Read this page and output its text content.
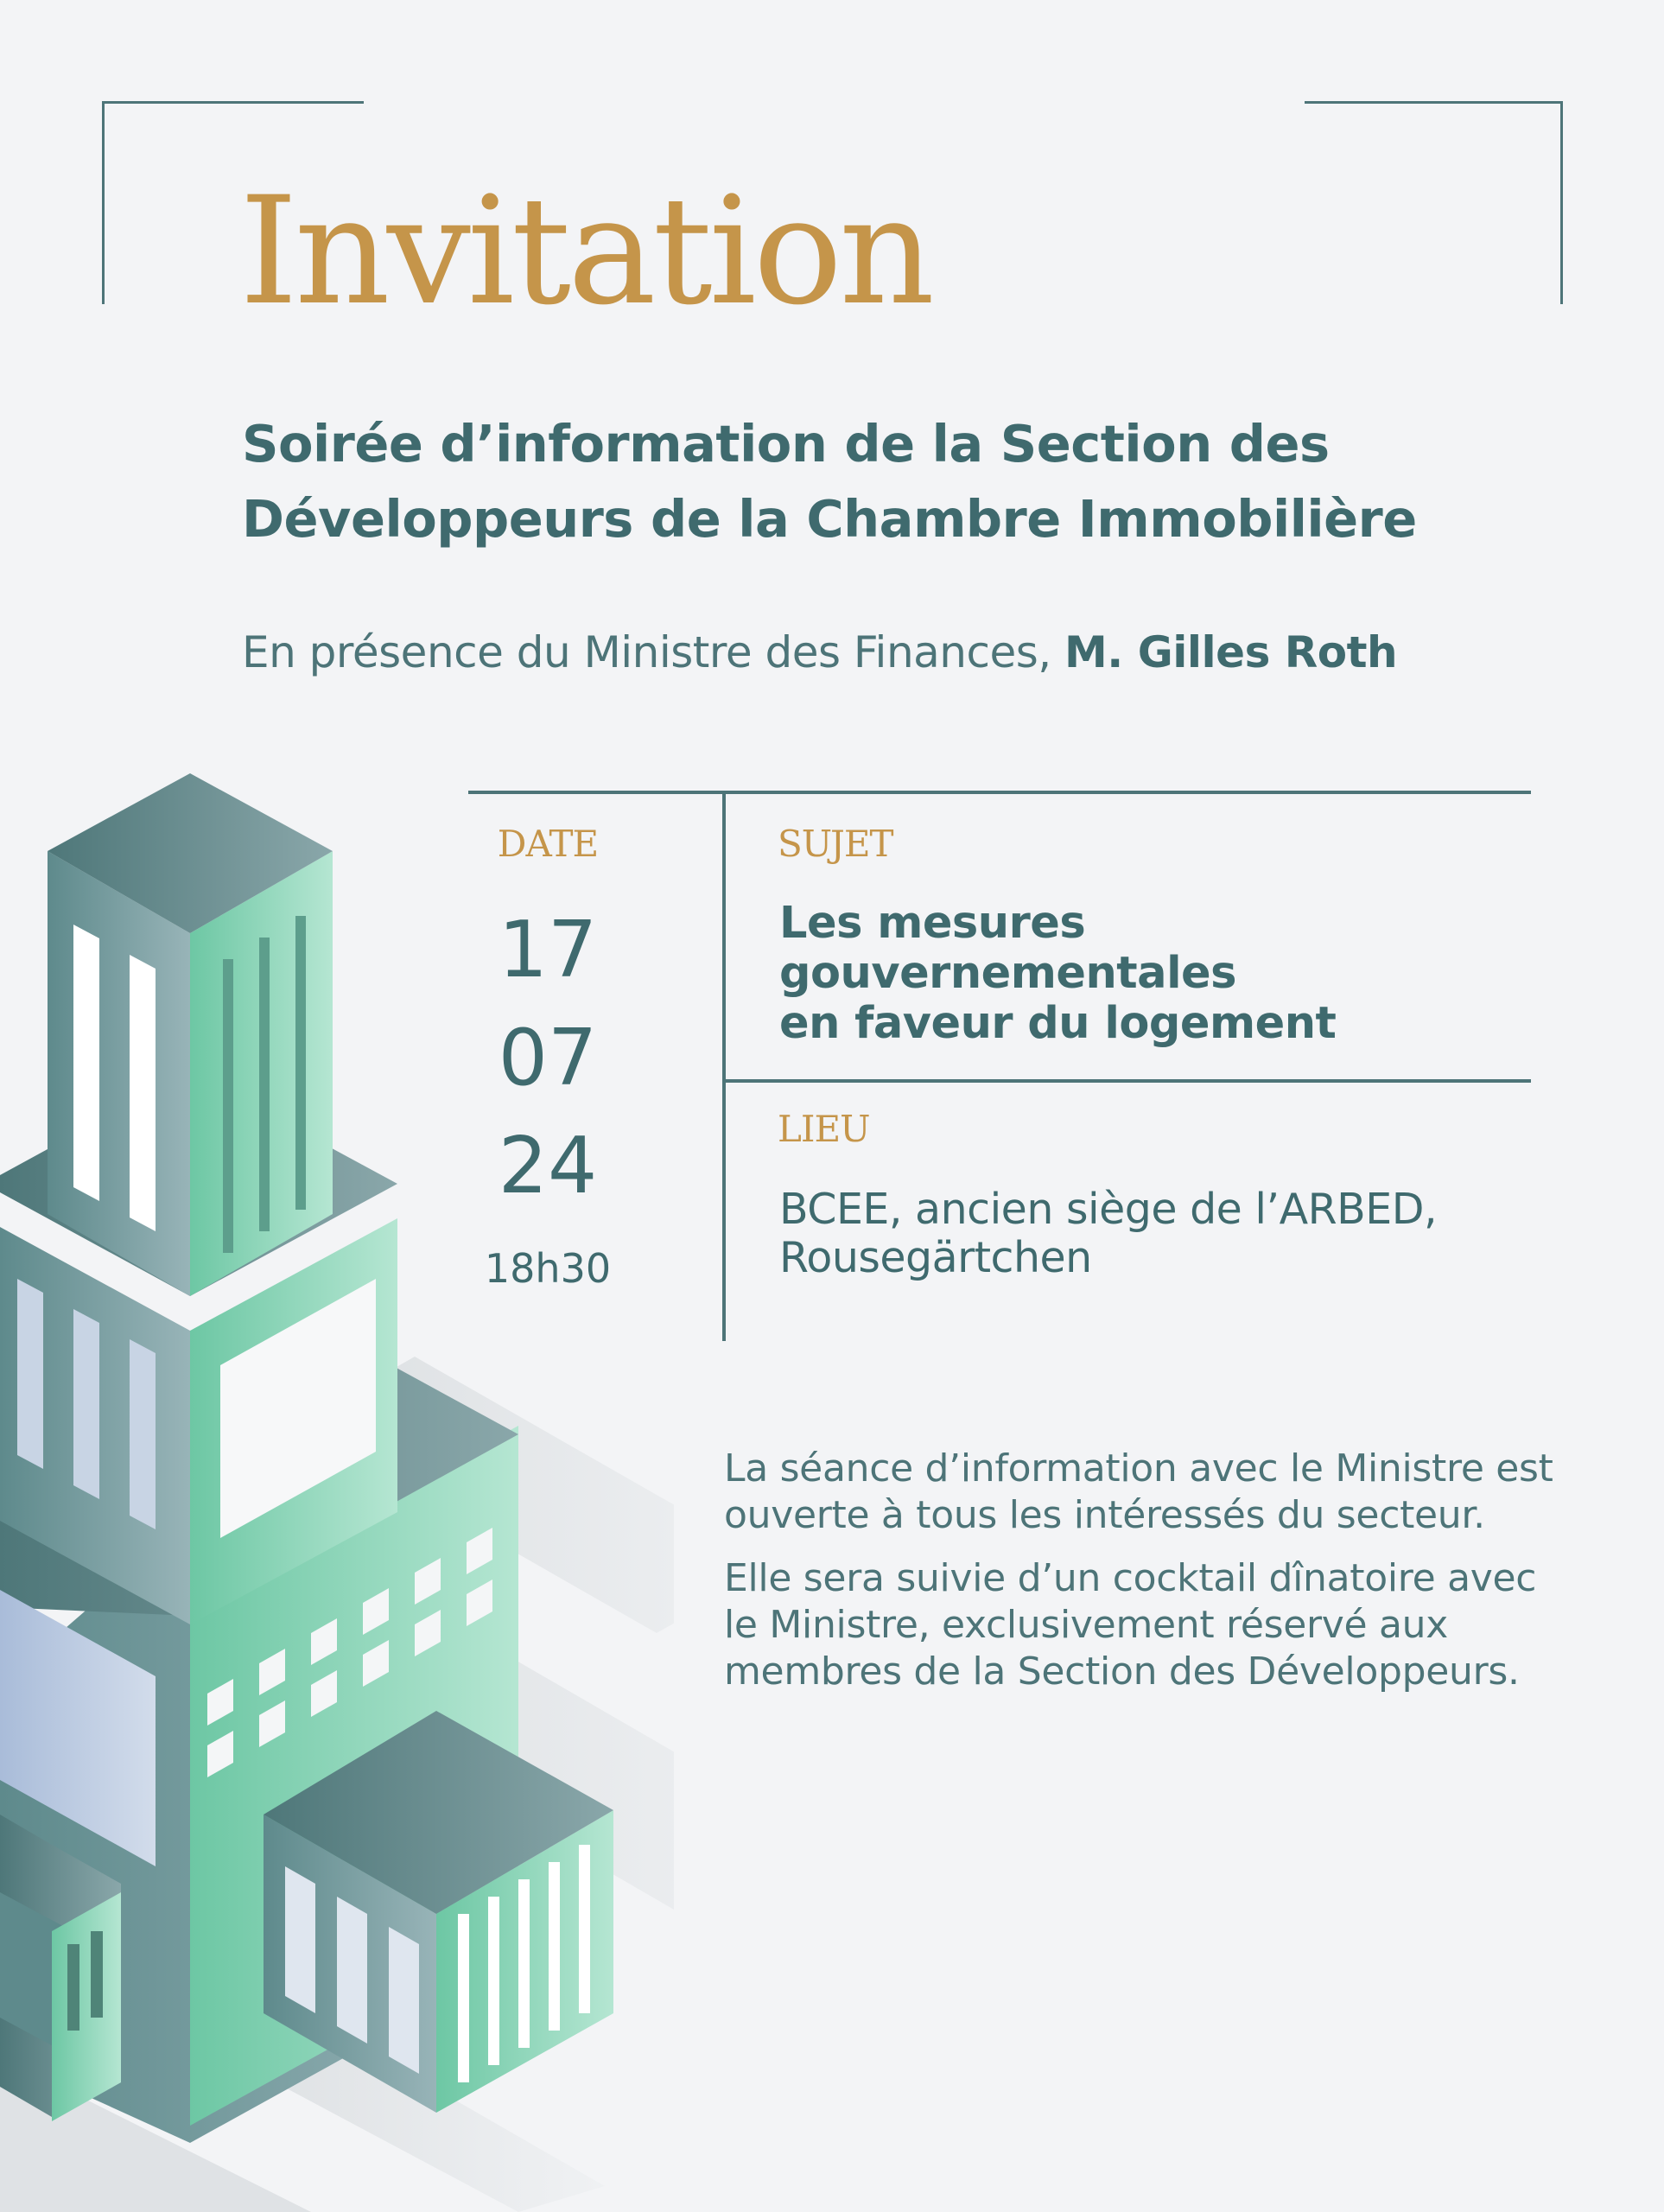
Invitation

Soirée d’information de la Section des
Développeurs de la Chambre Immobilière

En présence du Ministre des Finances, M. Gilles Roth

DATE

17
07
24
18h30

SUJET

Les mesures gouvernementales
en faveur du logement

LIEU

BCEE, ancien siège de l’ARBED,
Rousegärtchen

La séance d’information avec le Ministre est
ouverte à tous les intéressés du secteur.

Elle sera suivie d’un cocktail dînatoire avec
le Ministre, exclusivement réservé aux
membres de la Section des Développeurs.
